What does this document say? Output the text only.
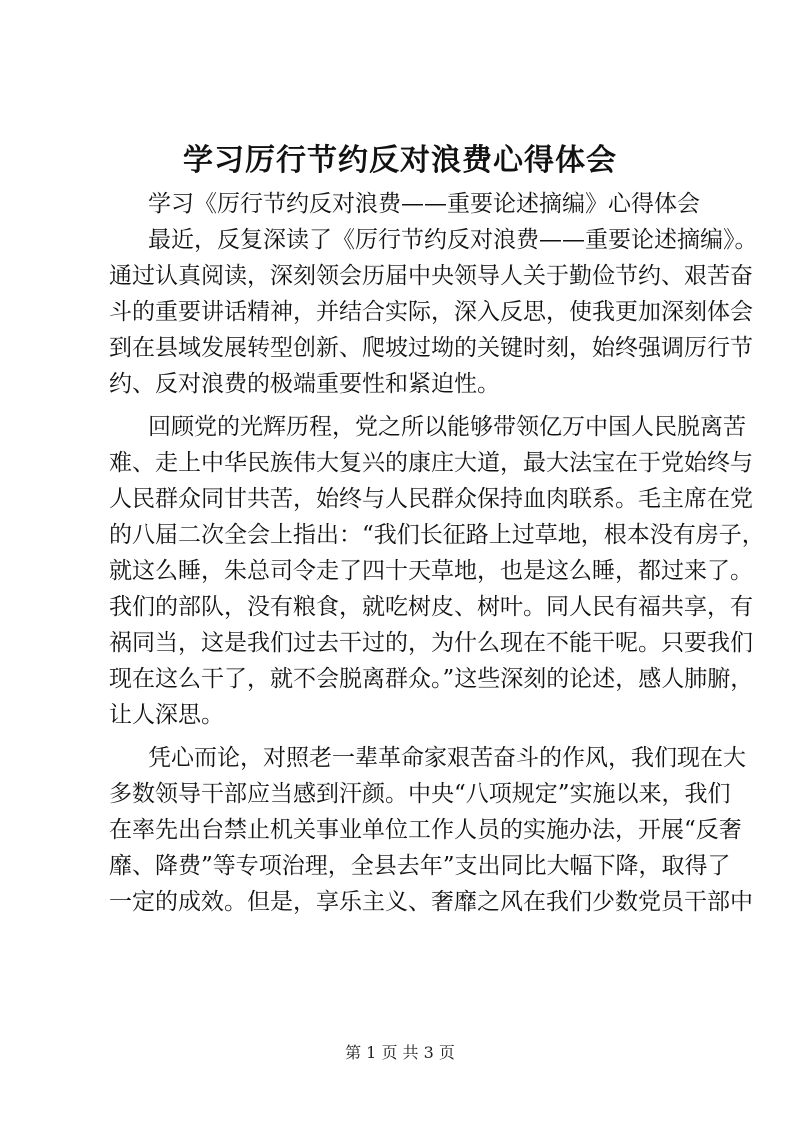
学习厉行节约反对浪费心得体会
学习《厉行节约反对浪费——重要论述摘编》心得体会
最近，反复深读了《厉行节约反对浪费——重要论述摘编》。
通过认真阅读，深刻领会历届中央领导人关于勤俭节约、艰苦奋
斗的重要讲话精神，并结合实际，深入反思，使我更加深刻体会
到在县域发展转型创新、爬坡过坳的关键时刻，始终强调厉行节
约、反对浪费的极端重要性和紧迫性。
回顾党的光辉历程，党之所以能够带领亿万中国人民脱离苦
难、走上中华民族伟大复兴的康庄大道，最大法宝在于党始终与
人民群众同甘共苦，始终与人民群众保持血肉联系。毛主席在党
的八届二次全会上指出：“我们长征路上过草地，根本没有房子，
就这么睡，朱总司令走了四十天草地，也是这么睡，都过来了。
我们的部队，没有粮食，就吃树皮、树叶。同人民有福共享，有
祸同当，这是我们过去干过的，为什么现在不能干呢。只要我们
现在这么干了，就不会脱离群众。”这些深刻的论述，感人肺腑，
让人深思。
凭心而论，对照老一辈革命家艰苦奋斗的作风，我们现在大
多数领导干部应当感到汗颜。中央“八项规定”实施以来，我们
在率先出台禁止机关事业单位工作人员的实施办法，开展“反奢
靡、降费”等专项治理，全县去年”支出同比大幅下降，取得了
一定的成效。但是，享乐主义、奢靡之风在我们少数党员干部中
第 1 页 共 3 页
